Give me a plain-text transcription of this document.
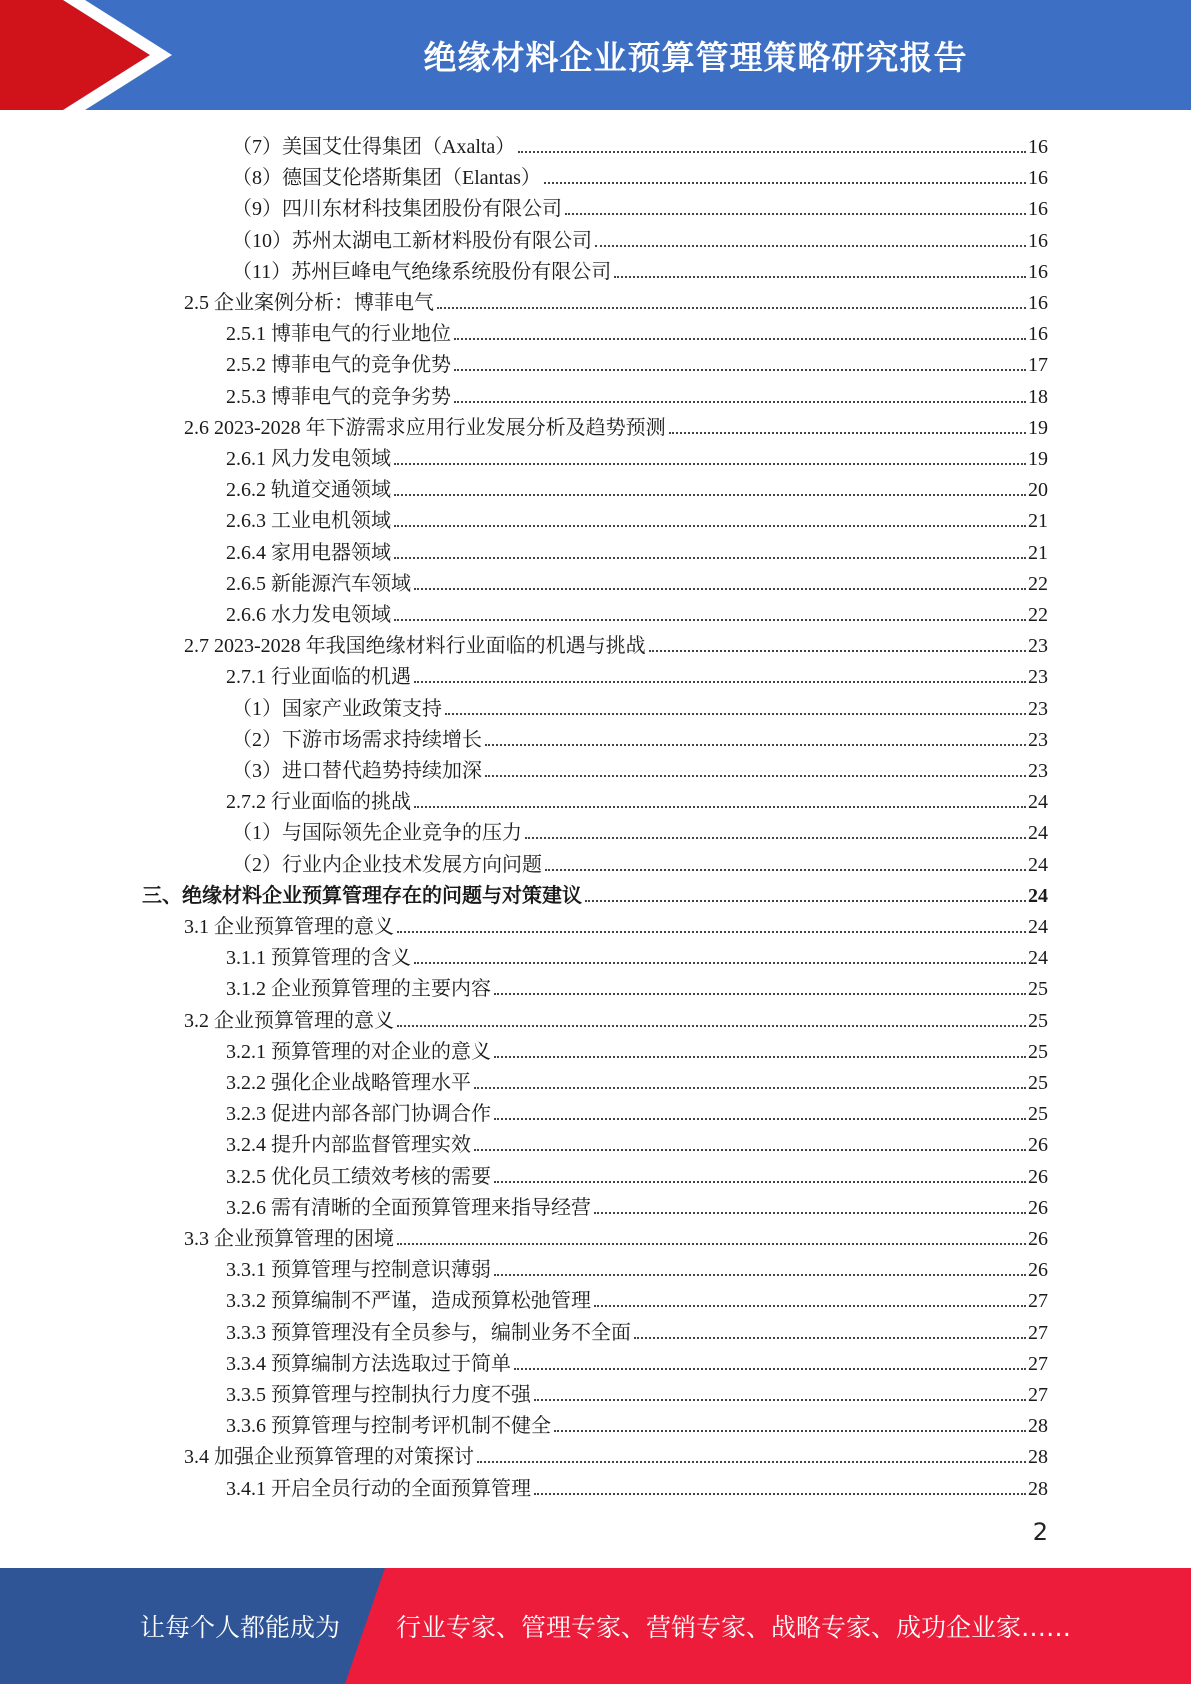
绝缘材料企业预算管理策略研究报告
（7）美国艾仕得集团（Axalta）	16
（8）德国艾伦塔斯集团（Elantas）	16
（9）四川东材科技集团股份有限公司	16
（10）苏州太湖电工新材料股份有限公司	16
（11）苏州巨峰电气绝缘系统股份有限公司	16
2.5 企业案例分析：博菲电气	16
2.5.1 博菲电气的行业地位	16
2.5.2 博菲电气的竞争优势	17
2.5.3 博菲电气的竞争劣势	18
2.6 2023-2028 年下游需求应用行业发展分析及趋势预测	19
2.6.1 风力发电领域	19
2.6.2 轨道交通领域	20
2.6.3 工业电机领域	21
2.6.4 家用电器领域	21
2.6.5 新能源汽车领域	22
2.6.6 水力发电领域	22
2.7 2023-2028 年我国绝缘材料行业面临的机遇与挑战	23
2.7.1 行业面临的机遇	23
（1）国家产业政策支持	23
（2）下游市场需求持续增长	23
（3）进口替代趋势持续加深	23
2.7.2 行业面临的挑战	24
（1）与国际领先企业竞争的压力	24
（2）行业内企业技术发展方向问题	24
三、绝缘材料企业预算管理存在的问题与对策建议	24
3.1 企业预算管理的意义	24
3.1.1 预算管理的含义	24
3.1.2 企业预算管理的主要内容	25
3.2 企业预算管理的意义	25
3.2.1 预算管理的对企业的意义	25
3.2.2 强化企业战略管理水平	25
3.2.3 促进内部各部门协调合作	25
3.2.4 提升内部监督管理实效	26
3.2.5 优化员工绩效考核的需要	26
3.2.6 需有清晰的全面预算管理来指导经营	26
3.3 企业预算管理的困境	26
3.3.1 预算管理与控制意识薄弱	26
3.3.2 预算编制不严谨，造成预算松弛管理	27
3.3.3 预算管理没有全员参与，编制业务不全面	27
3.3.4 预算编制方法选取过于简单	27
3.3.5 预算管理与控制执行力度不强	27
3.3.6 预算管理与控制考评机制不健全	28
3.4 加强企业预算管理的对策探讨	28
3.4.1 开启全员行动的全面预算管理	28
2
让每个人都能成为 行业专家、管理专家、营销专家、战略专家、成功企业家……
